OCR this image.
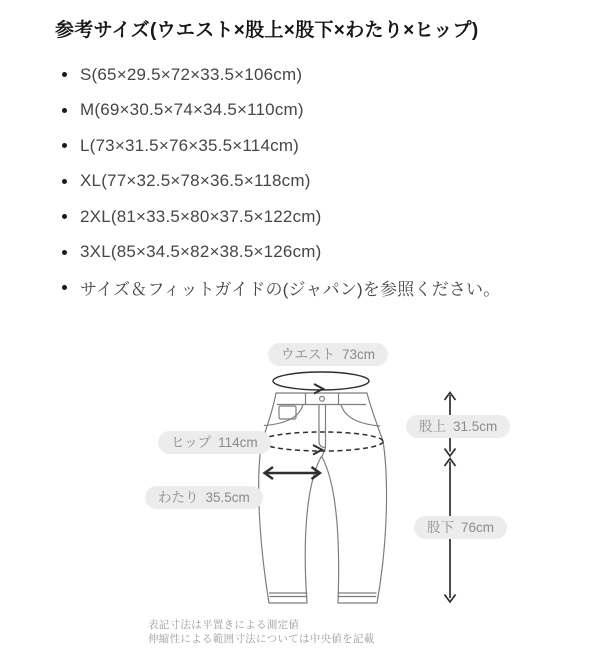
参考サイズ(ウエスト×股上×股下×わたり×ヒップ)
S(65×29.5×72×33.5×106cm)
M(69×30.5×74×34.5×110cm)
L(73×31.5×76×35.5×114cm)
XL(77×32.5×78×36.5×118cm)
2XL(81×33.5×80×37.5×122cm)
3XL(85×34.5×82×38.5×126cm)
サイズ＆フィットガイドの(ジャパン)を参照ください。
ウエスト 73cm
ヒップ 114cm
わたり 35.5cm
股上 31.5cm
股下 76cm
表記寸法は平置きによる測定値
伸縮性による範囲寸法については中央値を記載
